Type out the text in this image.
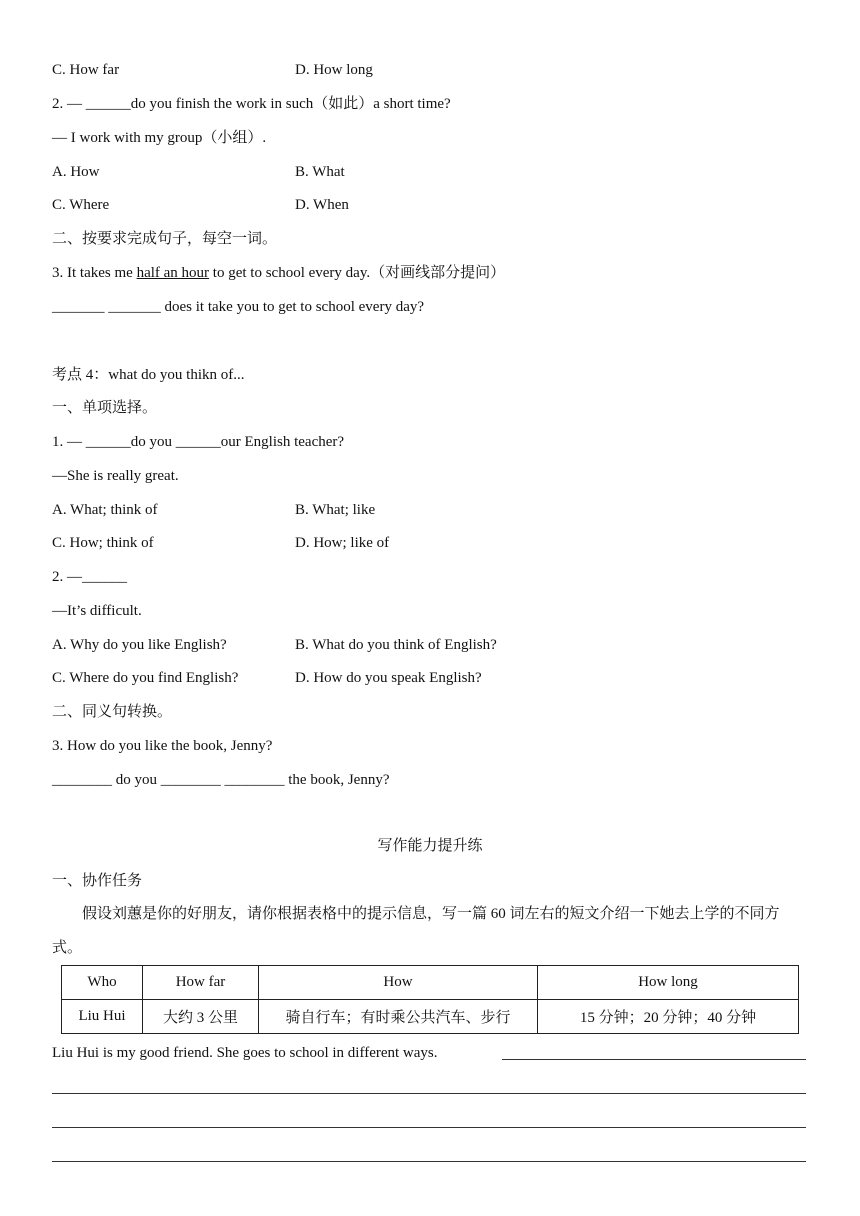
C. How far	D. How long
2. — ______do you finish the work in such（如此）a short time?
— I work with my group（小组）.
A. How	B. What
C. Where	D. When
二、按要求完成句子，每空一词。
3. It takes me half an hour to get to school every day.（对画线部分提问）
_______ _______ does it take you to get to school every day?
考点 4：what do you thikn of...
一、单项选择。
1. — ______do you ______our English teacher?
—She is really great.
A. What; think of	B. What; like
C. How; think of	D. How; like of
2. —______
—It’s difficult.
A. Why do you like English?	B. What do you think of English?
C. Where do you find English?	D. How do you speak English?
二、同义句转换。
3. How do you like the book, Jenny?
________ do you ________ ________ the book, Jenny?
写作能力提升练
一、协作任务
假设刘蕙是你的好朋友，请你根据表格中的提示信息，写一篇 60 词左右的短文介绍一下她去上学的不同方式。
Who	How far	How	How long
Liu Hui	大约 3 公里	骑自行车；有时乘公共汽车、步行	15 分钟；20 分钟；40 分钟
Liu Hui is my good friend. She goes to school in different ways.
